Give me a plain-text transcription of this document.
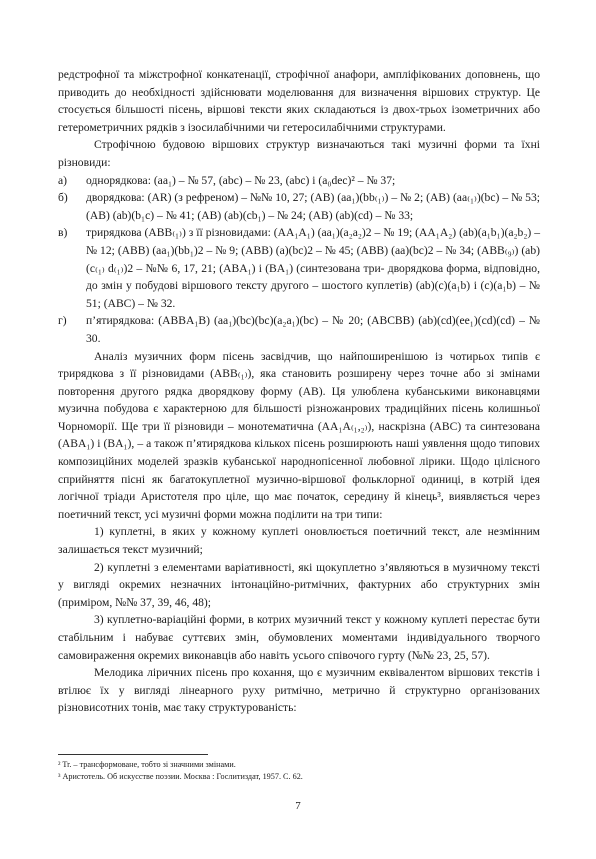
редстрофної та міжстрофної конкатенації, строфічної анафори, ампліфікованих доповнень, що приводить до необхідності здійснювати моделювання для визначення віршових структур. Це стосується більшості пісень, віршові тексти яких складаються із двох-трьох ізометричних або гетерометричних рядків з ізосилабічними чи гетеросилабічними структурами.

Строфічною будовою віршових структур визначаються такі музичні форми та їхні різновиди:

а)	однорядкова: (аа₁) – № 57, (abc) – № 23, (abc) і (a₀dec)² – № 37;
б)	дворядкова: (AR) (з рефреном) – №№ 10, 27; (AB) (aa₁)(bb₍₁₎) – № 2; (AB) (aa₍₁₎)(bc) – № 53; (AB) (ab)(b₁c) – № 41; (AB) (ab)(cb₁) – № 24; (AB) (ab)(cd) – № 33;
в)	трирядкова (ABB₍₁₎) з її різновидами: (AA₁A₁) (aa₁)(a₂a₂)2 – № 19; (AA₁A₂) (ab)(a₁b₁)(a₂b₂) – № 12; (ABB) (aa₁)(bb₁)2 – № 9; (ABB) (a)(bc)2 – № 45; (ABB) (aa)(bc)2 – № 34; (ABB₍₉₎) (ab)(c₍₁₎ d₍₁₎)2 – №№ 6, 17, 21; (ABA₁) і (BA₁) (синтезована три- дворядкова форма, відповідно, до змін у побудові віршового тексту другого – шостого куплетів) (ab)(c)(a₁b) і (c)(a₁b) – № 51; (ABC) – № 32.
г)	п’ятирядкова: (ABBA₁B) (aa₁)(bc)(bc)(a₂a₁)(bc) – № 20; (ABCBB) (ab)(cd)(ee₁)(cd)(cd) – № 30.

Аналіз музичних форм пісень засвідчив, що найпоширенішою із чотирьох типів є трирядкова з її різновидами (ABB₍₁₎), яка становить розширену через точне або зі змінами повторення другого рядка дворядкову форму (AB). Ця улюблена кубанськими виконавцями музична побудова є характерною для більшості різножанрових традиційних пісень колишньої Чорноморії. Ще три її різновиди – монотематична (AA₁A₍₁,₂₎), наскрізна (ABC) та синтезована (ABA₁) і (BA₁), – а також п’ятирядкова кількох пісень розширюють наші уявлення щодо типових композиційних моделей зразків кубанської народнопісенної любовної лірики. Щодо цілісного сприйняття пісні як багатокуплетної музично-віршової фольклорної одиниці, в котрій ідея логічної тріади Аристотеля про ціле, що має початок, середину й кінець³, виявляється через поетичний текст, усі музичні форми можна поділити на три типи:

1) куплетні, в яких у кожному куплеті оновлюється поетичний текст, але незмінним залишається текст музичний;

2) куплетні з елементами варіативності, які щокуплетно з’являються в музичному тексті у вигляді окремих незначних інтонаційно-ритмічних, фактурних або структурних змін (приміром, №№ 37, 39, 46, 48);

3) куплетно-варіаційні форми, в котрих музичний текст у кожному куплеті перестає бути стабільним і набуває суттєвих змін, обумовлених моментами індивідуального творчого самовираження окремих виконавців або навіть усього співочого гурту (№№ 23, 25, 57).

Мелодика ліричних пісень про кохання, що є музичним еквівалентом віршових текстів і втілює їх у вигляді лінеарного руху ритмічно, метрично й структурно організованих різновисотних тонів, має таку структурованість:

² Tr. – трансформоване, тобто зі значними змінами.

³ Аристотель. Об искусстве поэзии. Москва : Гослитиздат, 1957. С. 62.

7
